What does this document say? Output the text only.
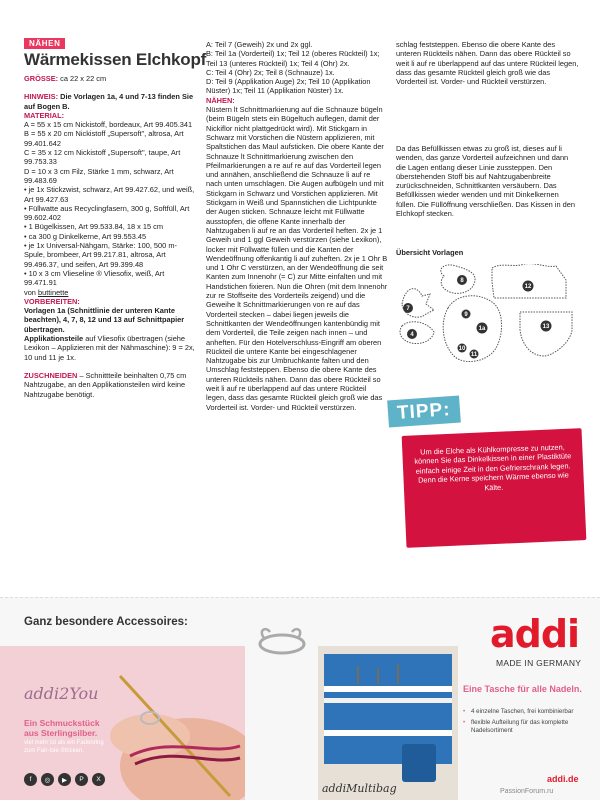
NÄHEN
Wärmekissen Elchkopf

GRÖSSE: ca 22 x 22 cm

HINWEIS: Die Vorlagen 1a, 4 und 7-13 finden Sie auf Bogen B.

MATERIAL:

A = 55 x 15 cm Nickistoff, bordeaux, Art 99.405.341

B = 55 x 20 cm Nickistoff „Supersoft", altrosa, Art 99.401.642

C = 35 x 12 cm Nickistoff „Supersoft", taupe, Art 99.753.33

D = 10 x 3 cm Filz, Stärke 1 mm, schwarz, Art 99.483.69

• je 1x Stickzwist, schwarz, Art 99.427.62, und weiß, Art 99.427.63

• Füllwatte aus Recyclingfasern, 300 g, Softfüll, Art 99.602.402

• 1 Bügelkissen, Art 99.533.84, 18 x 15 cm

• ca 300 g Dinkelkerne, Art 99.553.45

• je 1x Universal-Nähgarn, Stärke: 100, 500 m-Spule, brombeer, Art 99.217.81, altrosa, Art 99.496.37, und seifen, Art 99.399.48

• 10 x 3 cm Vlieseline ® Vliesofix, weiß, Art 99.471.91

von buttinette

VORBEREITEN:

Vorlagen 1a (Schnittlinie der unteren Kante beachten), 4, 7, 8, 12 und 13 auf Schnittpapier übertragen.

Applikationsteile auf Vliesofix übertragen (siehe Lexikon – Applizieren mit der Nähmaschine): 9 = 2x, 10 und 11 je 1x.

ZUSCHNEIDEN – Schnittteile beinhalten 0,75 cm Nahtzugabe, an den Applikationsteilen wird keine Nahtzugabe benötigt.

A: Teil 7 (Geweih) 2x und 2x ggl.

B: Teil 1a (Vorderteil) 1x; Teil 12 (oberes Rückteil) 1x; Teil 13 (unteres Rückteil) 1x; Teil 4 (Ohr) 2x.

C: Teil 4 (Ohr) 2x; Teil 8 (Schnauze) 1x.

D: Teil 9 (Applikation Auge) 2x; Teil 10 (Applikation Nüster) 1x; Teil 11 (Applikation Nüster) 1x.

NÄHEN:

Nüstern lt Schnittmarkierung auf die Schnauze bügeln (beim Bügeln stets ein Bügeltuch auflegen, damit der Nickiflor nicht plattgedrückt wird). Mit Stickgarn in Schwarz mit Vorstichen die Nüstern applizieren, mit Spaltstichen das Maul aufsticken. Die obere Kante der Schnauze lt Schnittmarkierung zwischen den Pfeilmarkierungen a re auf re auf das Vorderteil legen und annähen, anschließend die Schnauze li auf re nach unten umschlagen. Die Augen aufbügeln und mit Stickgarn in Schwarz und Vorstichen applizieren. Mit Stickgarn in Weiß und Spannstichen die Lichtpunkte der Augen sticken. Schnauze leicht mit Füllwatte ausstopfen, die offene Kante innerhalb der Nahtzugaben li auf re an das Vorderteil heften. 2x je 1 Geweih und 1 ggl Geweih verstürzen (siehe Lexikon), locker mit Füllwatte füllen und die Kanten der Wendeöffnung offenkantig li auf zuheften. 2x je 1 Ohr B und 1 Ohr C verstürzen, an der Wendeöffnung die seit Kanten zum Innenohr (= C) zur Mitte einfalten und mit Handstichen fixieren. Nun die Ohren (mit dem Innenohr zur re Stoffseite des Vorderteils zeigend) und die Geweihe lt Schnittmarkierungen von re auf das Vorderteil stecken – dabei liegen jeweils die Schnittkanten der Wendeöffnungen kantenbündig mit dem Vorderteil, die Teile zeigen nach innen – und anheften. Für den Hotelverschluss-Eingriff am oberen Rückteil die untere Kante bei eingeschlagener Nahtzugabe bis zur Umbruchkante falten und den Umschlag feststeppen. Ebenso die obere Kante des unteren Rückteils nähen. Dann das obere Rückteil so weit li auf re überlappend auf das untere Rückteil legen, dass das gesamte Rückteil gleich groß wie das Vorderteil ist. Vorder- und Rückteil verstürzen.

schlag feststeppen. Ebenso die obere Kante des unteren Rückteils nähen. Dann das obere Rückteil so weit li auf re überlappend auf das untere Rückteil legen, dass das gesamte Rückteil gleich groß wie das Vorderteil ist. Vorder- und Rückteil verstürzen.

Da das Befüllkissen etwas zu groß ist, dieses auf li wenden, das ganze Vorderteil aufzeichnen und dann die Lagen entlang dieser Linie zussteppen. Den überstehenden Stoff bis auf Nahtzugabenbreite zurückschneiden, Schnittkanten versäubern. Das Befüllkissen wieder wenden und mit Dinkelkernen füllen. Die Füllöffnung verschließen. Das Kissen in den Elchkopf stecken.

Übersicht Vorlagen

7
8
12
4
1a
9
10
11
13

Um die Elche als Kühlkompresse zu nutzen, können Sie das Dinkelkissen in einer Plastiktüte einfach einige Zeit in den Gefrierschrank legen. Denn die Kerne speichern Wärme ebenso wie Kälte.

TIPP:
Ganz besondere Accessoires:	addi
MADE IN GERMANY
addi2You
Ein Schmuckstück aus Sterlingsilber.
viel mehr ist als ein Fadenring zum Fair-Isle-Stricken.
f	◎	▶	P	X
addiMultibag
Eine Tasche für alle Nadeln.
• 4 einzelne Taschen, frei kombinierbar
• flexible Aufteilung für das komplette Nadelsortiment
addi.de
PassionForum.ru
